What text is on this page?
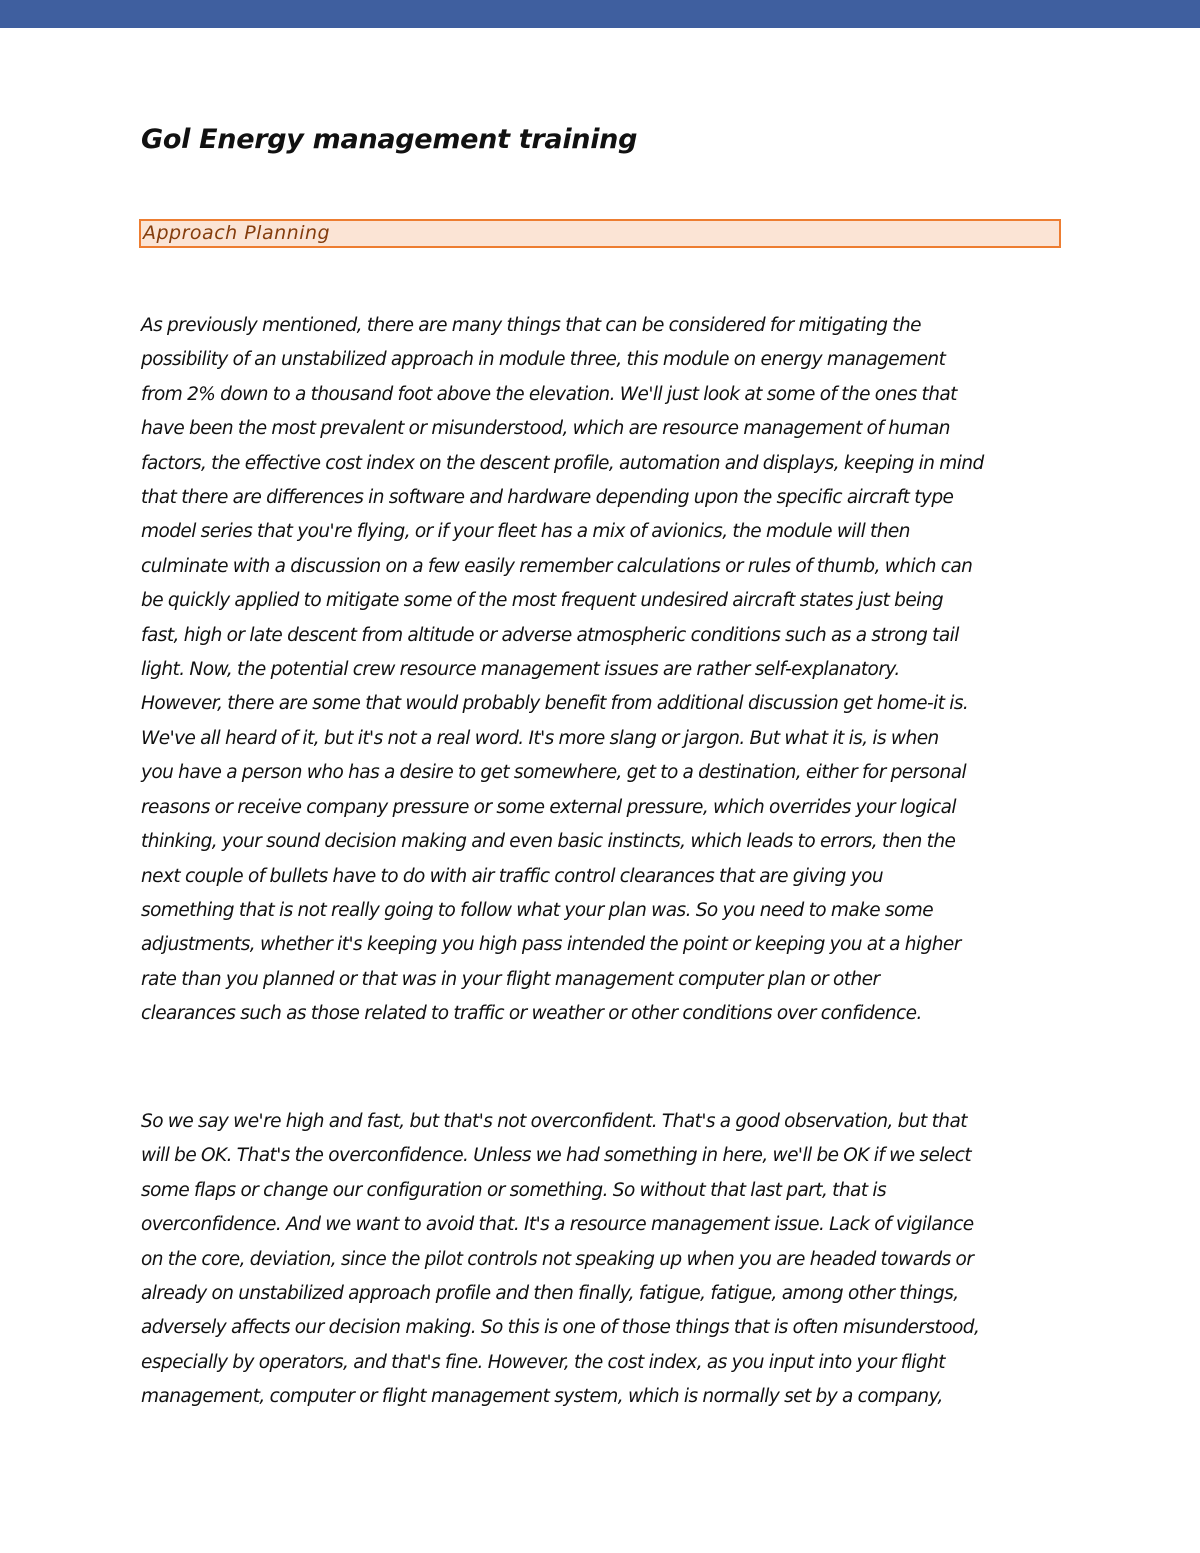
Gol Energy management training
Approach Planning
As previously mentioned, there are many things that can be considered for mitigating the
possibility of an unstabilized approach in module three, this module on energy management
from 2% down to a thousand foot above the elevation. We'll just look at some of the ones that
have been the most prevalent or misunderstood, which are resource management of human
factors, the effective cost index on the descent profile, automation and displays, keeping in mind
that there are differences in software and hardware depending upon the specific aircraft type
model series that you're flying, or if your fleet has a mix of avionics, the module will then
culminate with a discussion on a few easily remember calculations or rules of thumb, which can
be quickly applied to mitigate some of the most frequent undesired aircraft states just being
fast, high or late descent from altitude or adverse atmospheric conditions such as a strong tail
light. Now, the potential crew resource management issues are rather self-explanatory.
However, there are some that would probably benefit from additional discussion get home-it is.
We've all heard of it, but it's not a real word. It's more slang or jargon. But what it is, is when
you have a person who has a desire to get somewhere, get to a destination, either for personal
reasons or receive company pressure or some external pressure, which overrides your logical
thinking, your sound decision making and even basic instincts, which leads to errors, then the
next couple of bullets have to do with air traffic control clearances that are giving you
something that is not really going to follow what your plan was. So you need to make some
adjustments, whether it's keeping you high pass intended the point or keeping you at a higher
rate than you planned or that was in your flight management computer plan or other
clearances such as those related to traffic or weather or other conditions over confidence.
So we say we're high and fast, but that's not overconfident. That's a good observation, but that
will be OK. That's the overconfidence. Unless we had something in here, we'll be OK if we select
some flaps or change our configuration or something. So without that last part, that is
overconfidence. And we want to avoid that. It's a resource management issue. Lack of vigilance
on the core, deviation, since the pilot controls not speaking up when you are headed towards or
already on unstabilized approach profile and then finally, fatigue, fatigue, among other things,
adversely affects our decision making. So this is one of those things that is often misunderstood,
especially by operators, and that's fine. However, the cost index, as you input into your flight
management, computer or flight management system, which is normally set by a company,
